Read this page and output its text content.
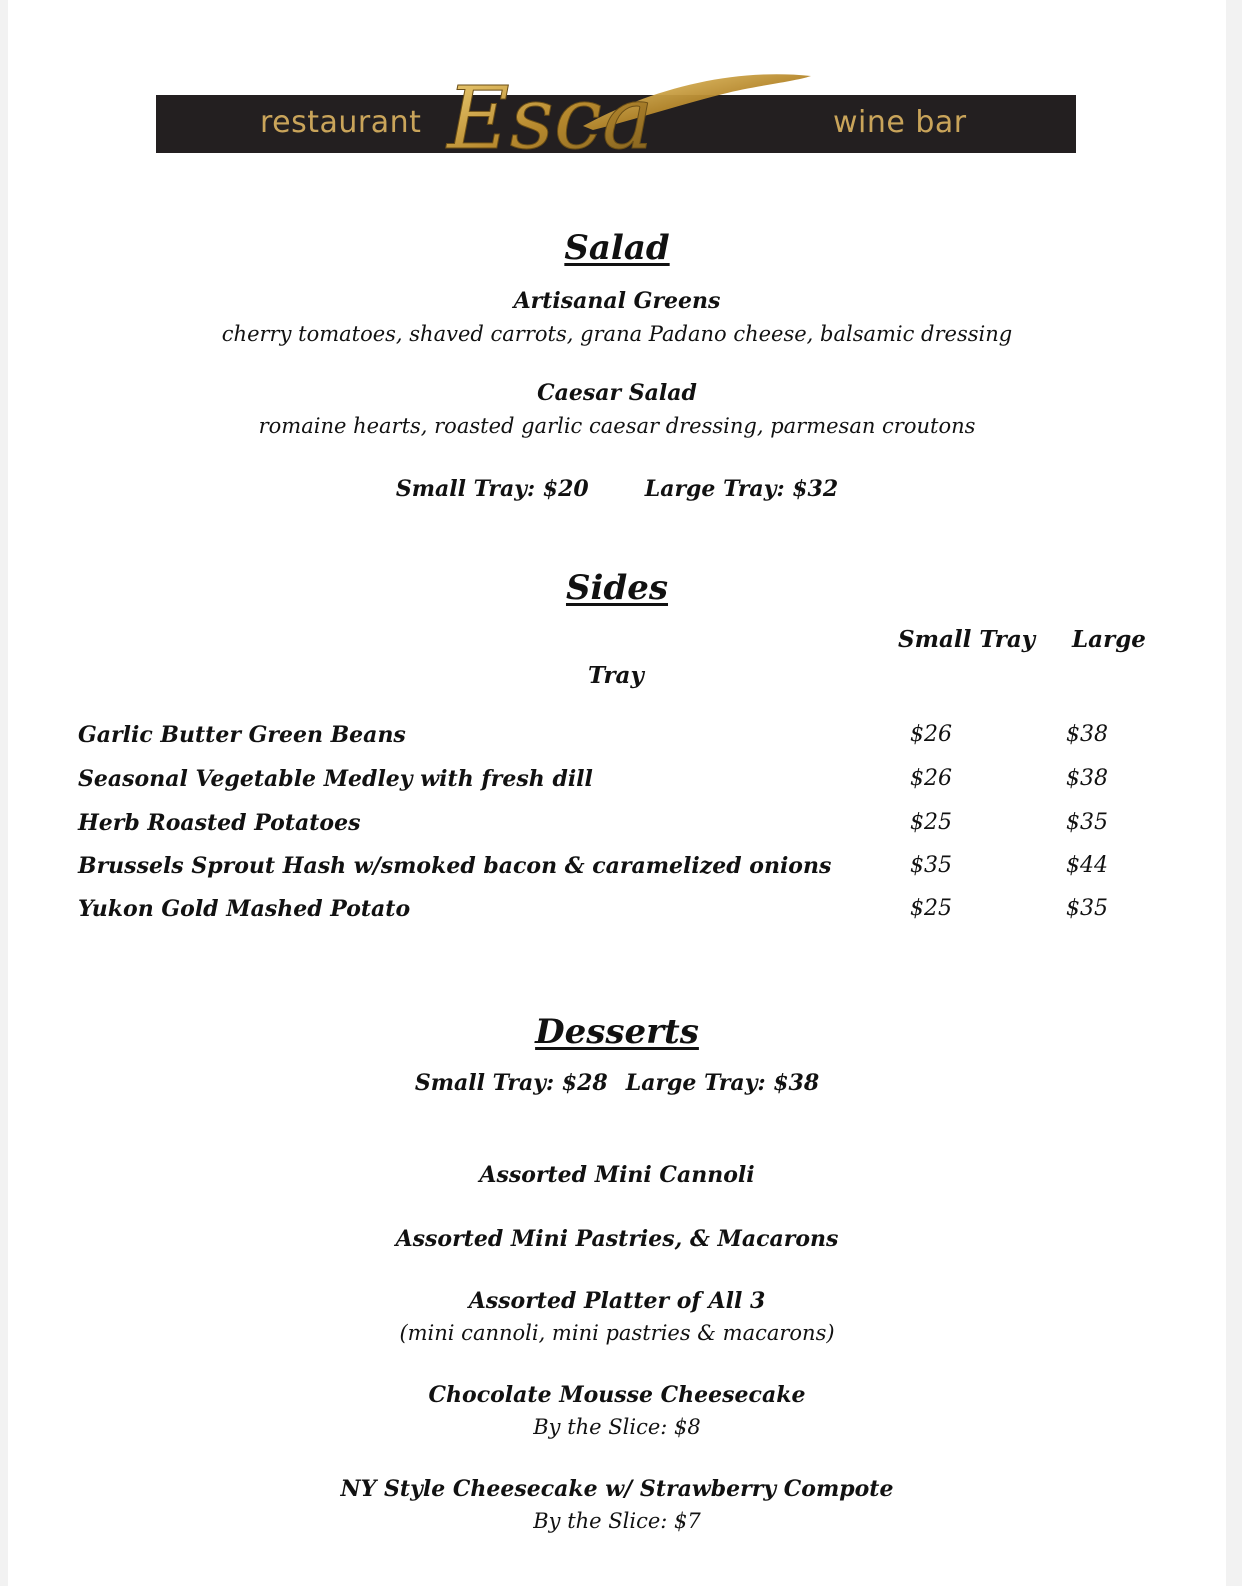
restaurant	wine bar
Esca
Salad
Artisanal Greens
cherry tomatoes, shaved carrots, grana Padano cheese, balsamic dressing
Caesar Salad
romaine hearts, roasted garlic caesar dressing, parmesan croutons
Small Tray: $20	Large Tray: $32
Sides
Small Tray Large
Tray
Garlic Butter Green Beans	$26	$38
Seasonal Vegetable Medley with fresh dill	$26	$38
Herb Roasted Potatoes	$25	$35
Brussels Sprout Hash w/smoked bacon & caramelized onions	$35	$44
Yukon Gold Mashed Potato	$25	$35
Desserts
Small Tray: $28 Large Tray: $38
Assorted Mini Cannoli
Assorted Mini Pastries, & Macarons
Assorted Platter of All 3
(mini cannoli, mini pastries & macarons)
Chocolate Mousse Cheesecake
By the Slice: $8
NY Style Cheesecake w/ Strawberry Compote
By the Slice: $7
